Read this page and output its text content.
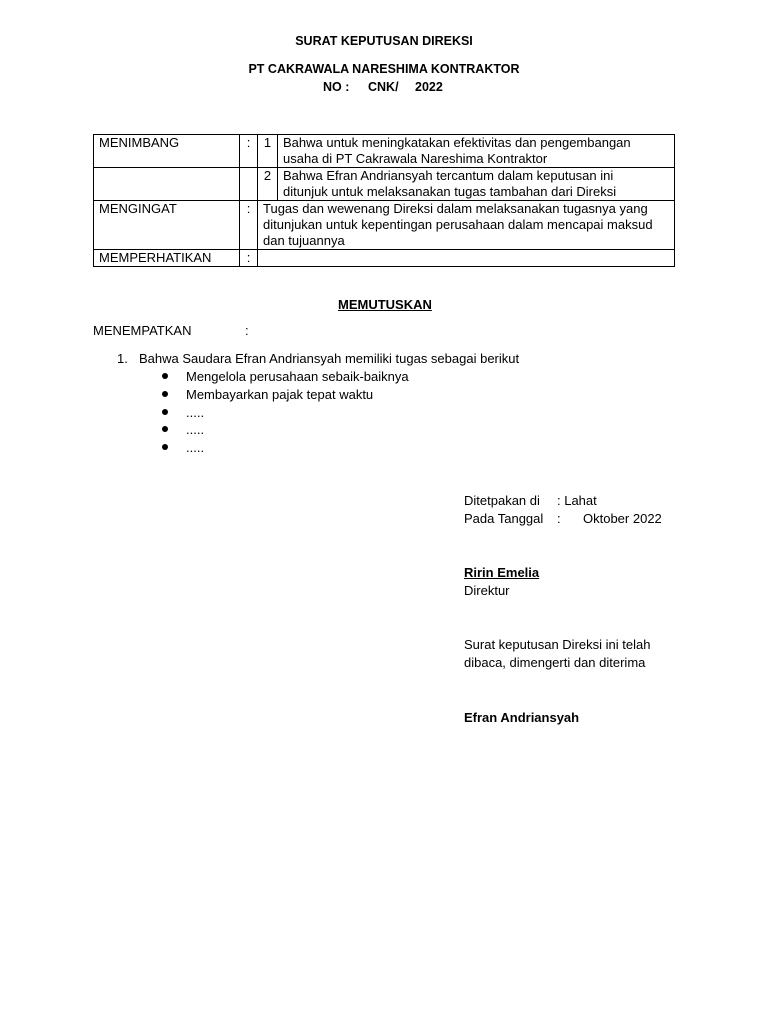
SURAT KEPUTUSAN DIREKSI
PT CAKRAWALA NARESHIMA KONTRAKTOR
NO : CNK/ 2022
MENIMBANG	:	1	Bahwa untuk meningkatakan efektivitas dan pengembangan
usaha di PT Cakrawala Nareshima Kontraktor

		2	Bahwa Efran Andriansyah tercantum dalam keputusan ini
ditunjuk untuk melaksanakan tugas tambahan dari Direksi

MENGINGAT	:	Tugas dan wewenang Direksi dalam melaksanakan tugasnya yang
ditunjukan untuk kepentingan perusahaan dalam mencapai maksud
dan tujuannya	

MEMPERHATIKAN	:		
MEMUTUSKAN
MENEMPATKAN	:
1. Bahwa Saudara Efran Andriansyah memiliki tugas sebagai berikut
Mengelola perusahaan sebaik-baiknya
Membayarkan pajak tepat waktu
.....
.....
.....
Ditetpakan di : Lahat
Pada Tanggal : Oktober 2022
Ririn Emelia
Direktur
Surat keputusan Direksi ini telah
dibaca, dimengerti dan diterima
Efran Andriansyah
